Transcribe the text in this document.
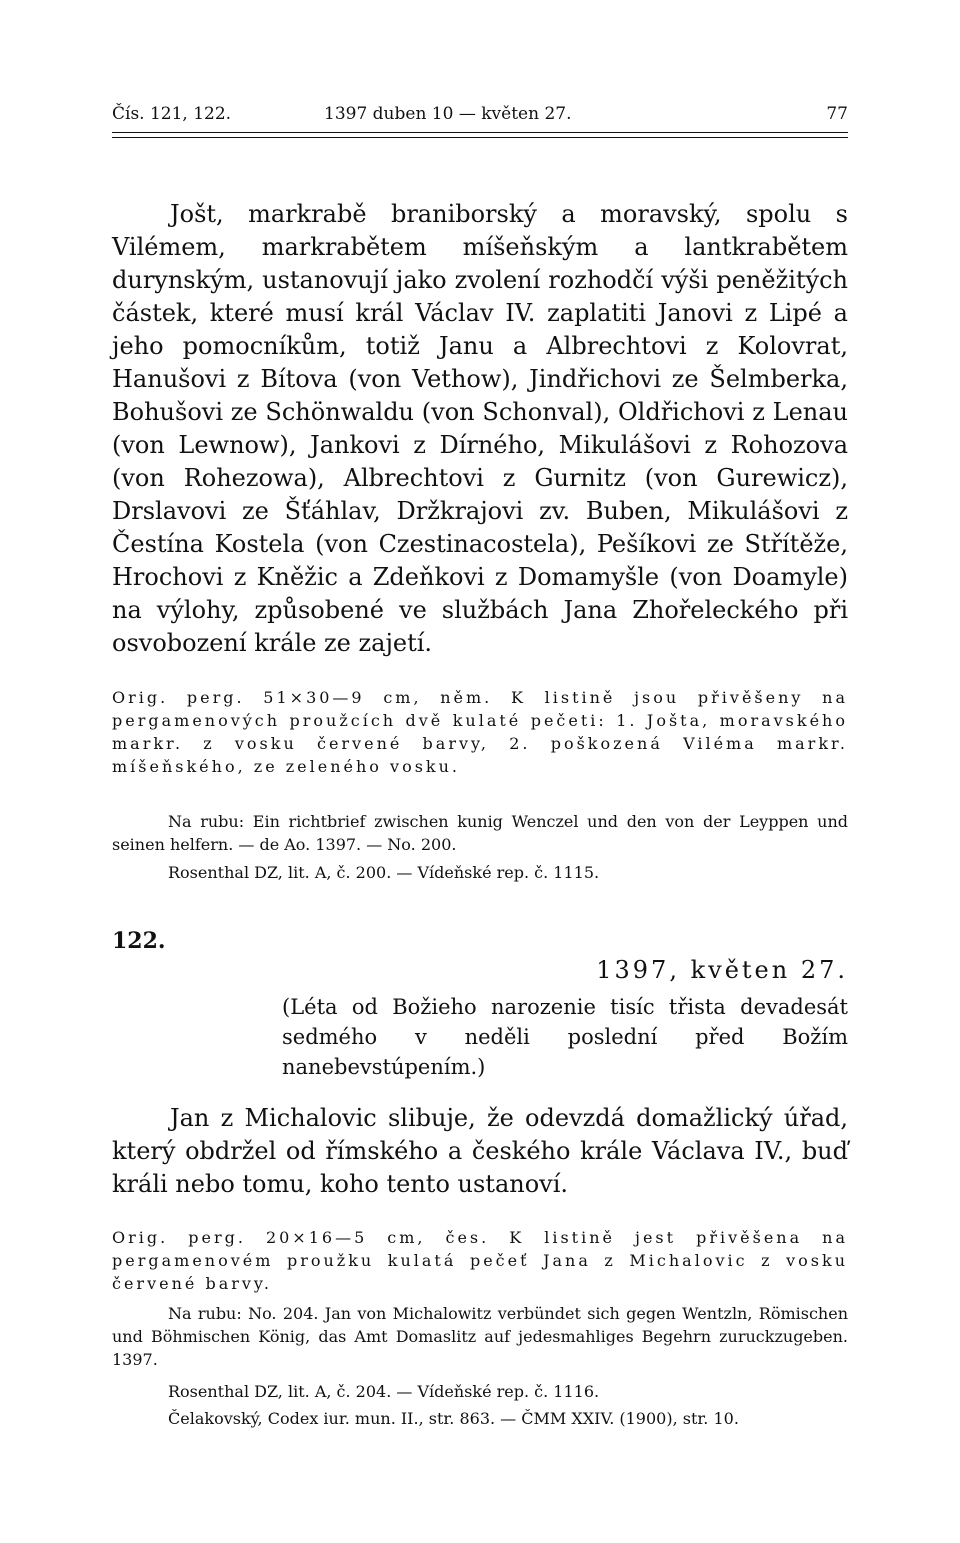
Čís. 121, 122.	1397 duben 10 — květen 27.	77

Jošt, markrabě braniborský a moravský, spolu s Vilémem, markrabětem míšeňským a lantkrabětem durynským, ustanovují jako zvolení rozhodčí výši peněžitých částek, které musí král Václav IV. zaplatiti Janovi z Lipé a jeho pomocníkům, totiž Janu a Albrechtovi z Kolovrat, Hanušovi z Bítova (von Vethow), Jindřichovi ze Šelmberka, Bohušovi ze Schönwaldu (von Schonval), Oldřichovi z Lenau (von Lewnow), Jankovi z Dírného, Mikulášovi z Rohozova (von Rohezowa), Albrechtovi z Gurnitz (von Gurewicz), Drslavovi ze Šťáhlav, Držkrajovi zv. Buben, Mikulášovi z Čestína Kostela (von Czestinacostela), Pešíkovi ze Střítěže, Hrochovi z Kněžic a Zdeňkovi z Domamyšle (von Doamyle) na výlohy, způsobené ve službách Jana Zhořeleckého při osvobození krále ze zajetí.

Orig. perg. 51×30—9 cm, něm. K listině jsou přivěšeny na pergamenových proužcích dvě kulaté pečeti: 1. Jošta, moravského markr. z vosku červené barvy, 2. poškozená Viléma markr. míšeňského, ze zeleného vosku.

Na rubu: Ein richtbrief zwischen kunig Wenczel und den von der Leyppen und seinen helfern. — de Ao. 1397. — No. 200.

Rosenthal DZ, lit. A, č. 200. — Vídeňské rep. č. 1115.

122.
1397, květen 27.

(Léta od Božieho narozenie tisíc třista devadesát sedmého v neděli poslední před Božím nanebevstúpením.)

Jan z Michalovic slibuje, že odevzdá domažlický úřad, který obdržel od římského a českého krále Václava IV., buď králi nebo tomu, koho tento ustanoví.

Orig. perg. 20×16—5 cm, čes. K listině jest přivěšena na pergamenovém proužku kulatá pečeť Jana z Michalovic z vosku červené barvy.

Na rubu: No. 204. Jan von Michalowitz verbündet sich gegen Wentzln, Römischen und Böhmischen König, das Amt Domaslitz auf jedesmahliges Begehrn zuruckzugeben. 1397.

Rosenthal DZ, lit. A, č. 204. — Vídeňské rep. č. 1116.

Čelakovský, Codex iur. mun. II., str. 863. — ČMM XXIV. (1900), str. 10.
